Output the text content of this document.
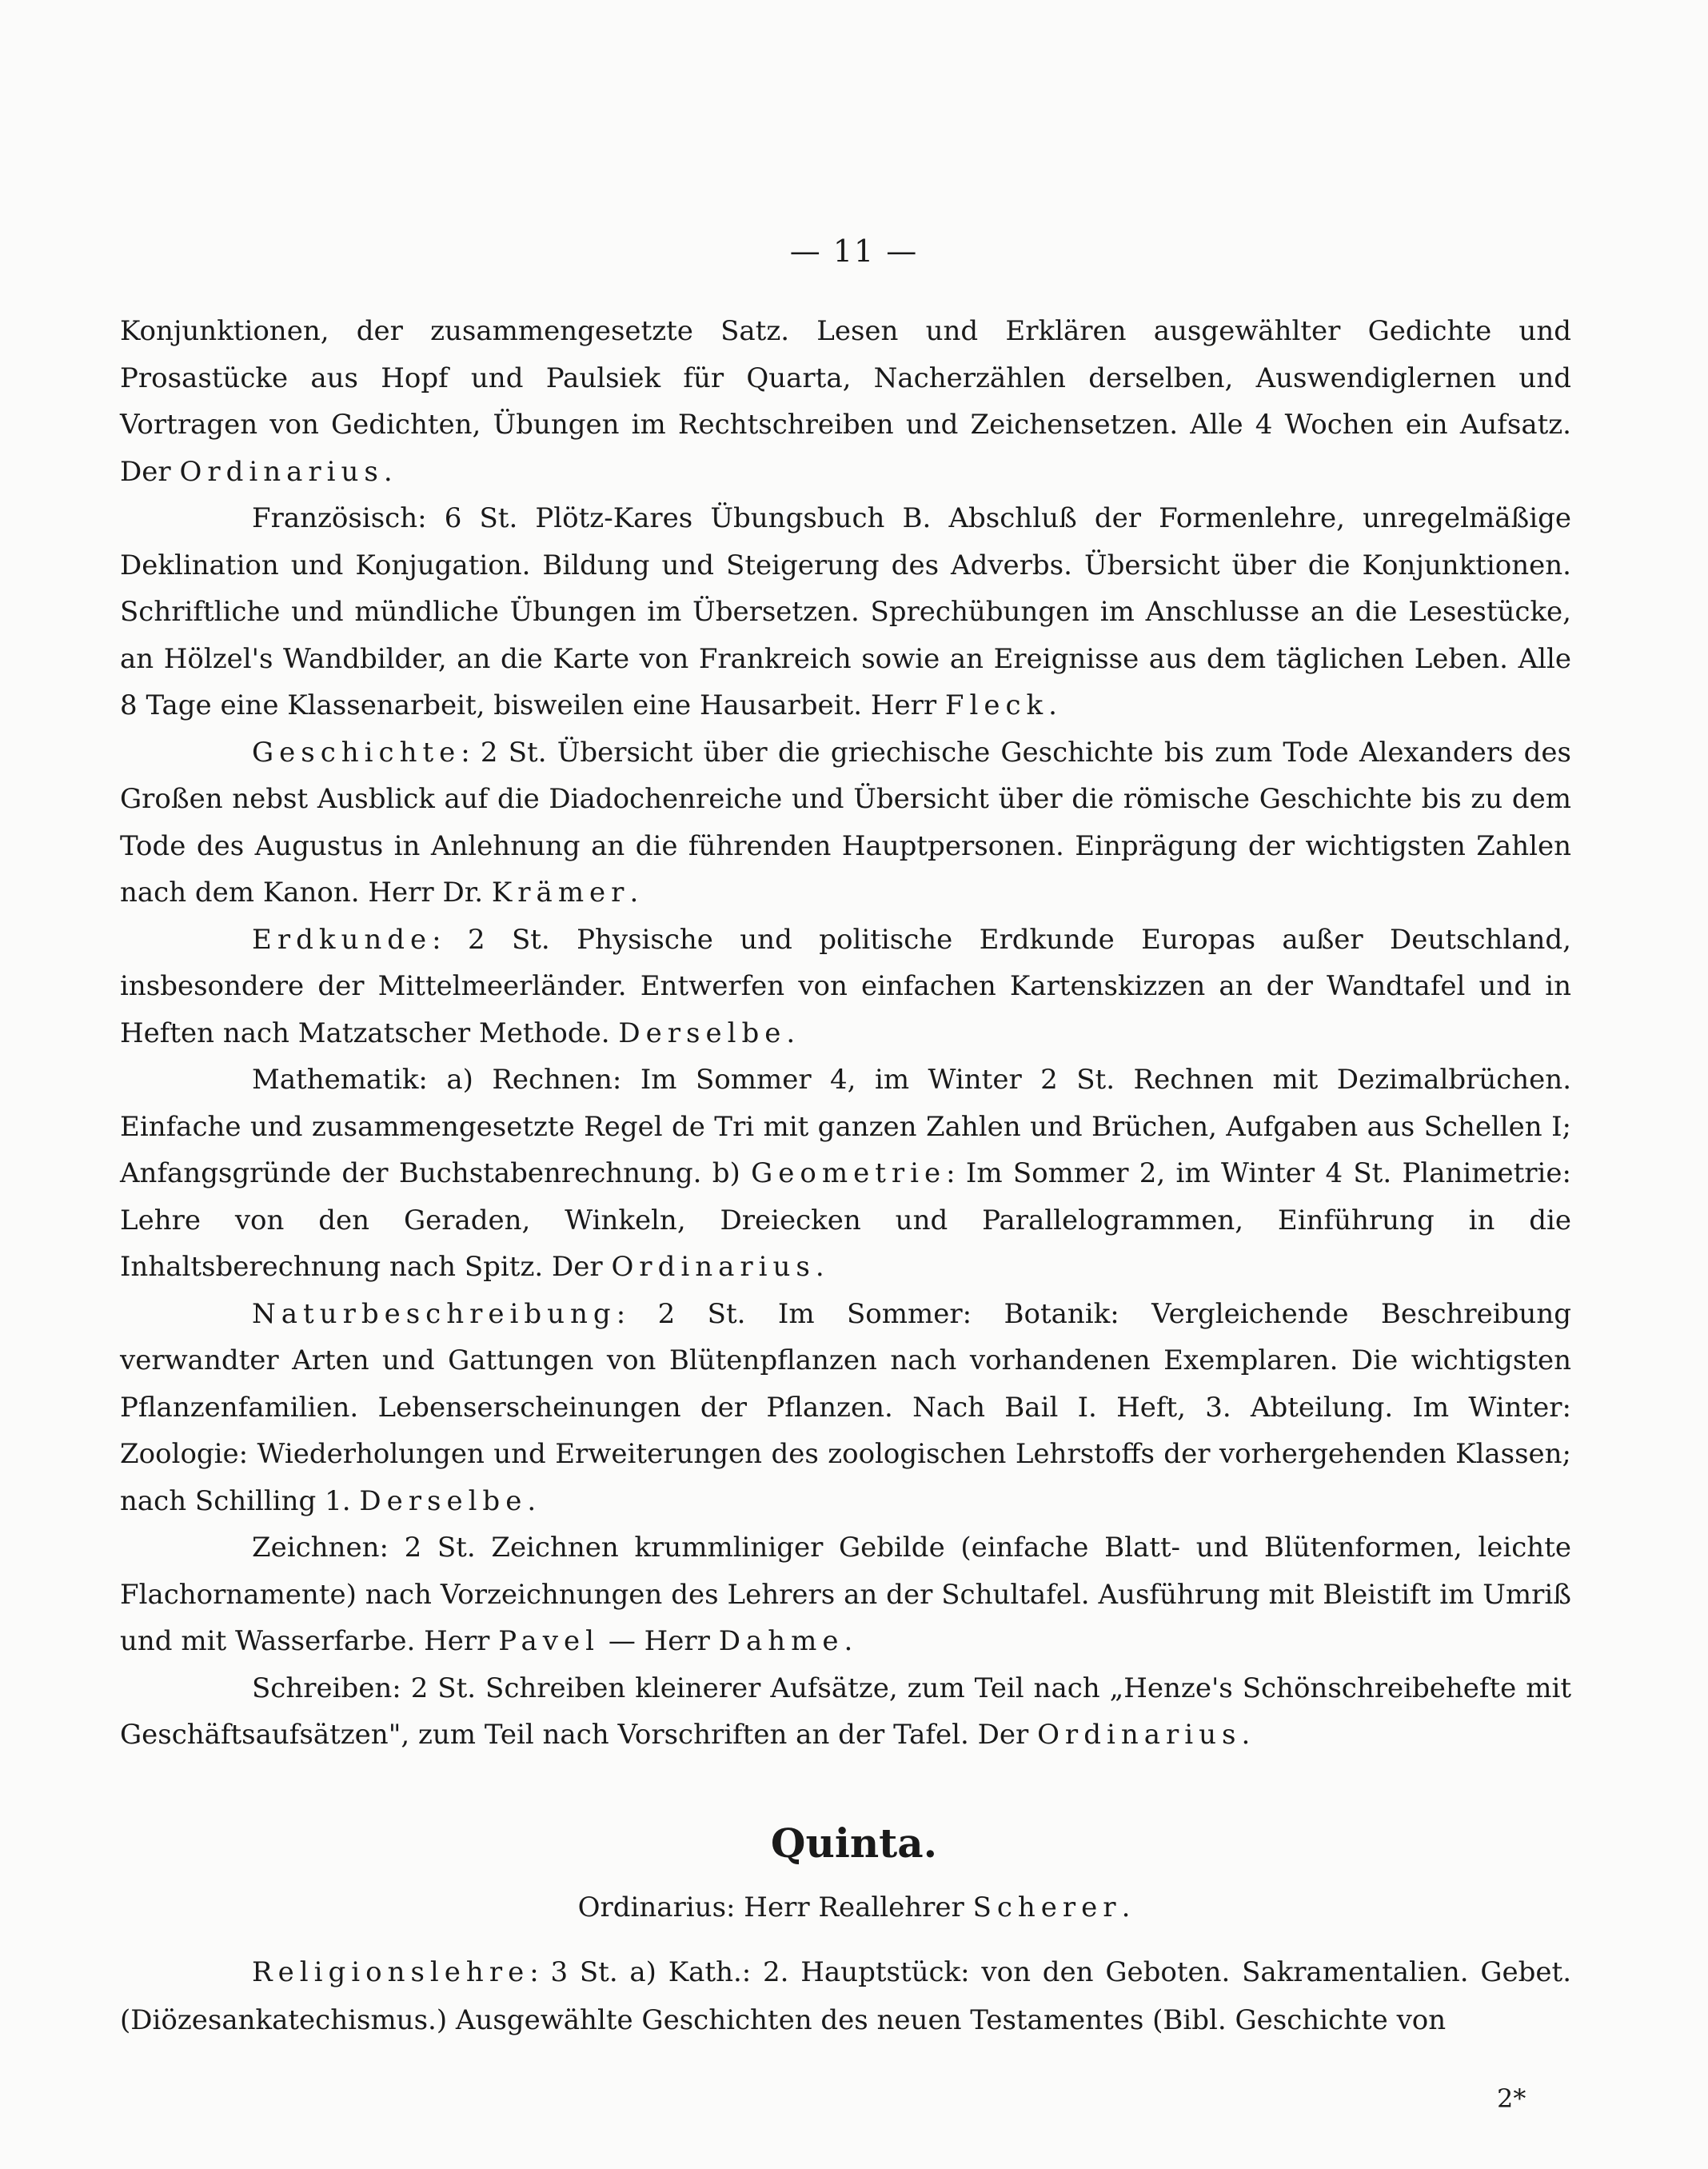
— 11 —

Konjunktionen, der zusammengesetzte Satz. Lesen und Erklären ausgewählter Gedichte und Prosastücke aus Hopf und Paulsiek für Quarta, Nacherzählen derselben, Auswendiglernen und Vortragen von Gedichten, Übungen im Rechtschreiben und Zeichensetzen. Alle 4 Wochen ein Aufsatz. Der Ordinarius.

Französisch: 6 St. Plötz-Kares Übungsbuch B. Abschluß der Formenlehre, unregelmäßige Deklination und Konjugation. Bildung und Steigerung des Adverbs. Übersicht über die Konjunktionen. Schriftliche und mündliche Übungen im Übersetzen. Sprechübungen im Anschlusse an die Lesestücke, an Hölzel's Wandbilder, an die Karte von Frankreich sowie an Ereignisse aus dem täglichen Leben. Alle 8 Tage eine Klassenarbeit, bisweilen eine Hausarbeit. Herr Fleck.

Geschichte: 2 St. Übersicht über die griechische Geschichte bis zum Tode Alexanders des Großen nebst Ausblick auf die Diadochenreiche und Übersicht über die römische Geschichte bis zu dem Tode des Augustus in Anlehnung an die führenden Hauptpersonen. Einprägung der wichtigsten Zahlen nach dem Kanon. Herr Dr. Krämer.

Erdkunde: 2 St. Physische und politische Erdkunde Europas außer Deutschland, insbesondere der Mittelmeerländer. Entwerfen von einfachen Kartenskizzen an der Wandtafel und in Heften nach Matzatscher Methode. Derselbe.

Mathematik: a) Rechnen: Im Sommer 4, im Winter 2 St. Rechnen mit Dezimalbrüchen. Einfache und zusammengesetzte Regel de Tri mit ganzen Zahlen und Brüchen, Aufgaben aus Schellen I; Anfangsgründe der Buchstabenrechnung. b) Geometrie: Im Sommer 2, im Winter 4 St. Planimetrie: Lehre von den Geraden, Winkeln, Dreiecken und Parallelogrammen, Einführung in die Inhaltsberechnung nach Spitz. Der Ordinarius.

Naturbeschreibung: 2 St. Im Sommer: Botanik: Vergleichende Beschreibung verwandter Arten und Gattungen von Blütenpflanzen nach vorhandenen Exemplaren. Die wichtigsten Pflanzenfamilien. Lebenserscheinungen der Pflanzen. Nach Bail I. Heft, 3. Abteilung. Im Winter: Zoologie: Wiederholungen und Erweiterungen des zoologischen Lehrstoffs der vorhergehenden Klassen; nach Schilling 1. Derselbe.

Zeichnen: 2 St. Zeichnen krummliniger Gebilde (einfache Blatt- und Blütenformen, leichte Flachornamente) nach Vorzeichnungen des Lehrers an der Schultafel. Ausführung mit Bleistift im Umriß und mit Wasserfarbe. Herr Pavel — Herr Dahme.

Schreiben: 2 St. Schreiben kleinerer Aufsätze, zum Teil nach „Henze's Schönschreibehefte mit Geschäftsaufsätzen", zum Teil nach Vorschriften an der Tafel. Der Ordinarius.

Quinta.
Ordinarius: Herr Reallehrer Scherer.

Religionslehre: 3 St. a) Kath.: 2. Hauptstück: von den Geboten. Sakramentalien. Gebet. (Diözesankatechismus.) Ausgewählte Geschichten des neuen Testamentes (Bibl. Geschichte von

2*
